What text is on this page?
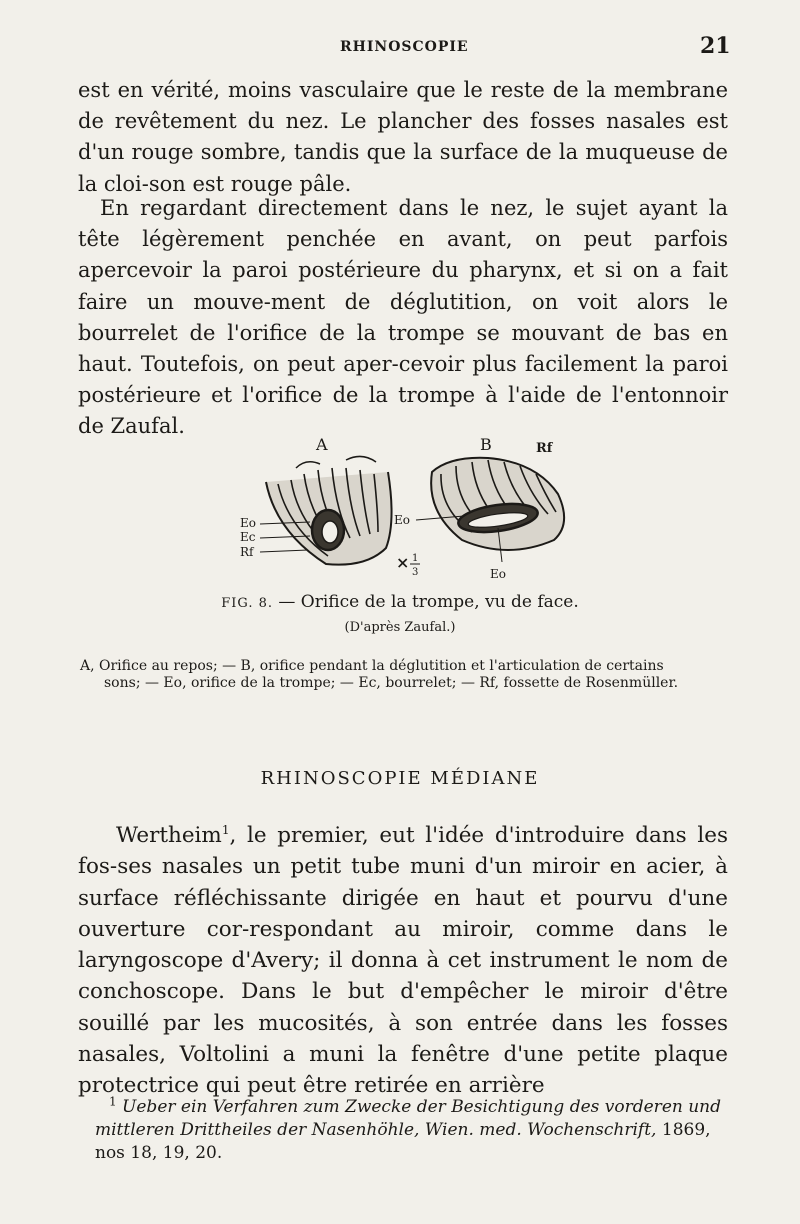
RHINOSCOPIE	21

est en vérité, moins vasculaire que le reste de la membrane de revêtement du nez. Le plancher des fosses nasales est d'un rouge sombre, tandis que la surface de la muqueuse de la cloi-son est rouge pâle.

En regardant directement dans le nez, le sujet ayant la tête légèrement penchée en avant, on peut parfois apercevoir la paroi postérieure du pharynx, et si on a fait faire un mouve-ment de déglutition, on voit alors le bourrelet de l'orifice de la trompe se mouvant de bas en haut. Toutefois, on peut aper-cevoir plus facilement la paroi postérieure et l'orifice de la trompe à l'aide de l'entonnoir de Zaufal.

A	B	Rf
Eo
Ec
Rf
Eo
Eo
× 1
3
FIG. 8. — Orifice de la trompe, vu de face.
(D'après Zaufal.)
A, Orifice au repos; — B, orifice pendant la déglutition et l'articulation de certains
sons; — Eo, orifice de la trompe; — Ec, bourrelet; — Rf, fossette de Rosenmüller.
RHINOSCOPIE MÉDIANE

Wertheim$^1$, le premier, eut l'idée d'introduire dans les fos-ses nasales un petit tube muni d'un miroir en acier, à surface réfléchissante dirigée en haut et pourvu d'une ouverture cor-respondant au miroir, comme dans le laryngoscope d'Avery; il donna à cet instrument le nom de conchoscope. Dans le but d'empêcher le miroir d'être souillé par les mucosités, à son entrée dans les fosses nasales, Voltolini a muni la fenêtre d'une petite plaque protectrice qui peut être retirée en arrière

$^1$ Ueber ein Verfahren zum Zwecke der Besichtigung des vorderen und mittleren Drittheiles der Nasenhöhle, Wien. med. Wochenschrift, 1869, nos 18, 19, 20.
